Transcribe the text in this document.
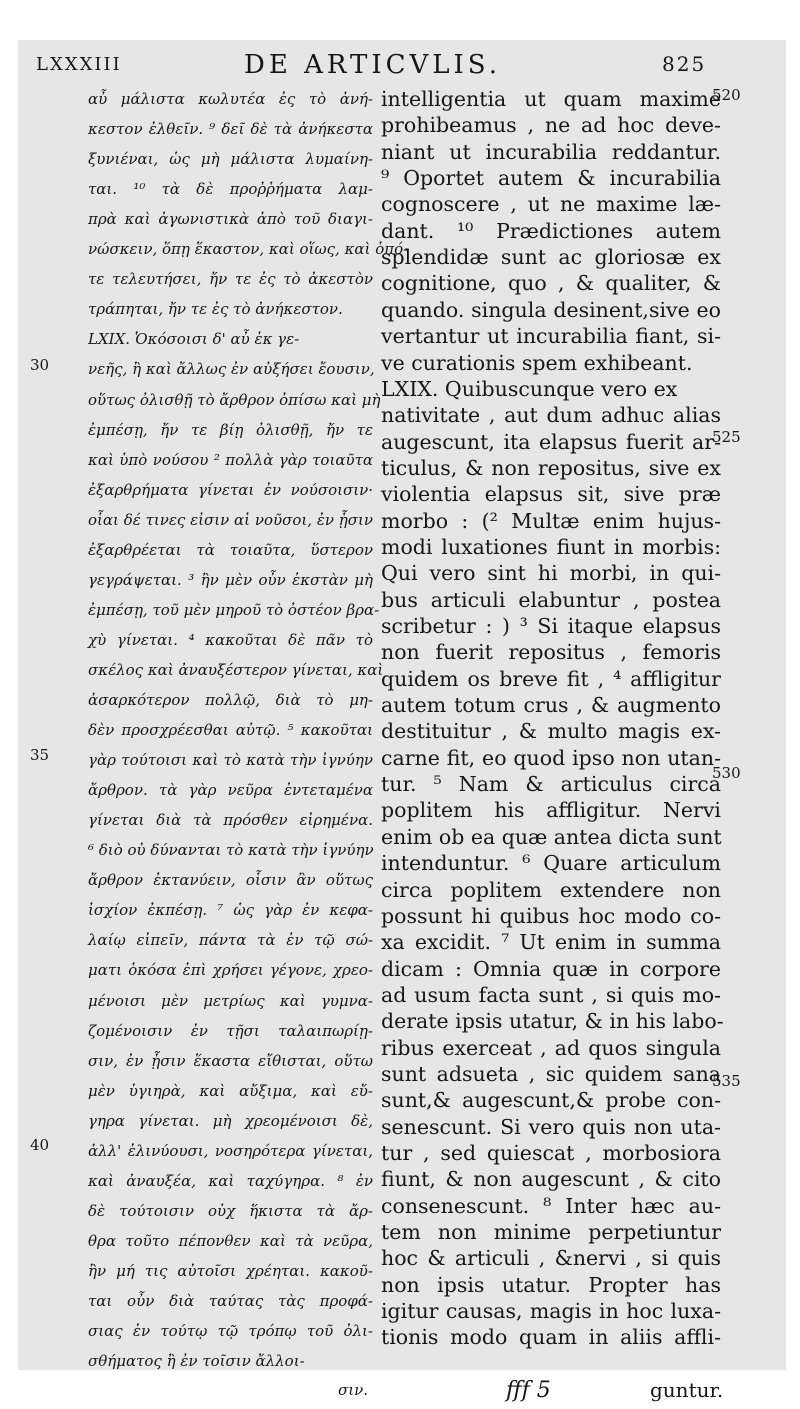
LXXXIII	DE ARTICVLIS.	825
αὖ μάλιστα κωλυτέα ἐς τὸ ἀνή-
κεστον ἐλθεῖν. ⁹ δεῖ δὲ τὰ ἀνήκεστα
ξυνιέναι, ὡς μὴ μάλιστα λυμαίνη-
ται. ¹⁰ τὰ δὲ προῤῥήματα λαμ-
πρὰ καὶ ἀγωνιστικὰ ἀπὸ τοῦ διαγι-
νώσκειν, ὅπῃ ἕκαστον, καὶ οἵως, καὶ ὁπό-
τε τελευτήσει, ἤν τε ἐς τὸ ἀκεστὸν
τράπηται, ἤν τε ἐς τὸ ἀνήκεστον.
LXIX. Ὁκόσοισι δ' αὖ ἐκ γε-
νεῆς, ἢ καὶ ἄλλως ἐν αὐξήσει ἔουσιν,
οὕτως ὀλισθῇ τὸ ἄρθρον ὀπίσω καὶ μὴ
ἐμπέσῃ, ἤν τε βίῃ ὀλισθῇ, ἤν τε
καὶ ὑπὸ νούσου ² πολλὰ γὰρ τοιαῦτα
ἐξαρθρήματα γίνεται ἐν νούσοισιν·
οἷαι δέ τινες εἰσιν αἱ νοῦσοι, ἐν ᾗσιν
ἐξαρθρέεται τὰ τοιαῦτα, ὕστερον
γεγράψεται. ³ ἢν μὲν οὖν ἐκστὰν μὴ
ἐμπέσῃ, τοῦ μὲν μηροῦ τὸ ὀστέον βρα-
χὺ γίνεται. ⁴ κακοῦται δὲ πᾶν τὸ
σκέλος καὶ ἀναυξέστερον γίνεται, καὶ
ἀσαρκότερον πολλῷ, διὰ τὸ μη-
δὲν προσχρέεσθαι αὐτῷ. ⁵ κακοῦται
γὰρ τούτοισι καὶ τὸ κατὰ τὴν ἰγνύην
ἄρθρον. τὰ γὰρ νεῦρα ἐντεταμένα
γίνεται διὰ τὰ πρόσθεν εἰρημένα.
⁶ διὸ οὐ δύνανται τὸ κατὰ τὴν ἰγνύην
ἄρθρον ἐκτανύειν, οἷσιν ἂν οὕτως
ἰσχίον ἐκπέσῃ. ⁷ ὡς γὰρ ἐν κεφα-
λαίῳ εἰπεῖν, πάντα τὰ ἐν τῷ σώ-
ματι ὁκόσα ἐπὶ χρήσει γέγονε, χρεο-
μένοισι μὲν μετρίως καὶ γυμνα-
ζομένοισιν ἐν τῇσι ταλαιπωρίῃ-
σιν, ἐν ᾗσιν ἕκαστα εἴθισται, οὕτω
μὲν ὑγιηρὰ, καὶ αὔξιμα, καὶ εὔ-
γηρα γίνεται. μὴ χρεομένοισι δὲ,
ἀλλ' ἐλινύουσι, νοσηρότερα γίνεται,
καὶ ἀναυξέα, καὶ ταχύγηρα. ⁸ ἐν
δὲ τούτοισιν οὐχ ἥκιστα τὰ ἄρ-
θρα τοῦτο πέπονθεν καὶ τὰ νεῦρα,
ἢν μή τις αὐτοῖσι χρέηται. κακοῦ-
ται οὖν διὰ ταύτας τὰς προφά-
σιας ἐν τούτῳ τῷ τρόπῳ τοῦ ὀλι-
σθήματος ἢ ἐν τοῖσιν ἄλλοι-
intelligentia ut quam maxime
prohibeamus , ne ad hoc deve-
niant ut incurabilia reddantur.
⁹ Oportet autem & incurabilia
cognoscere , ut ne maxime læ-
dant. ¹⁰ Prædictiones autem
splendidæ sunt ac gloriosæ ex
cognitione, quo , & qualiter, &
quando. singula desinent,sive eo
vertantur ut incurabilia fiant, si-
ve curationis spem exhibeant.
LXIX. Quibuscunque vero ex
nativitate , aut dum adhuc alias
augescunt, ita elapsus fuerit ar-
ticulus, & non repositus, sive ex
violentia elapsus sit, sive præ
morbo : (² Multæ enim hujus-
modi luxationes fiunt in morbis:
Qui vero sint hi morbi, in qui-
bus articuli elabuntur , postea
scribetur : ) ³ Si itaque elapsus
non fuerit repositus , femoris
quidem os breve fit , ⁴ affligitur
autem totum crus , & augmento
destituitur , & multo magis ex-
carne fit, eo quod ipso non utan-
tur. ⁵ Nam & articulus circa
poplitem his affligitur. Nervi
enim ob ea quæ antea dicta sunt
intenduntur. ⁶ Quare articulum
circa poplitem extendere non
possunt hi quibus hoc modo co-
xa excidit. ⁷ Ut enim in summa
dicam : Omnia quæ in corpore
ad usum facta sunt , si quis mo-
derate ipsis utatur, & in his labo-
ribus exerceat , ad quos singula
sunt adsueta , sic quidem sana
sunt,& augescunt,& probe con-
senescunt. Si vero quis non uta-
tur , sed quiescat , morbosiora
fiunt, & non augescunt , & cito
consenescunt. ⁸ Inter hæc au-
tem non minime perpetiuntur
hoc & articuli , &nervi , si quis
non ipsis utatur. Propter has
igitur causas, magis in hoc luxa-
tionis modo quam in aliis affli-
30
35
40
520
525
530
535
σιν.	fff 5	guntur.
